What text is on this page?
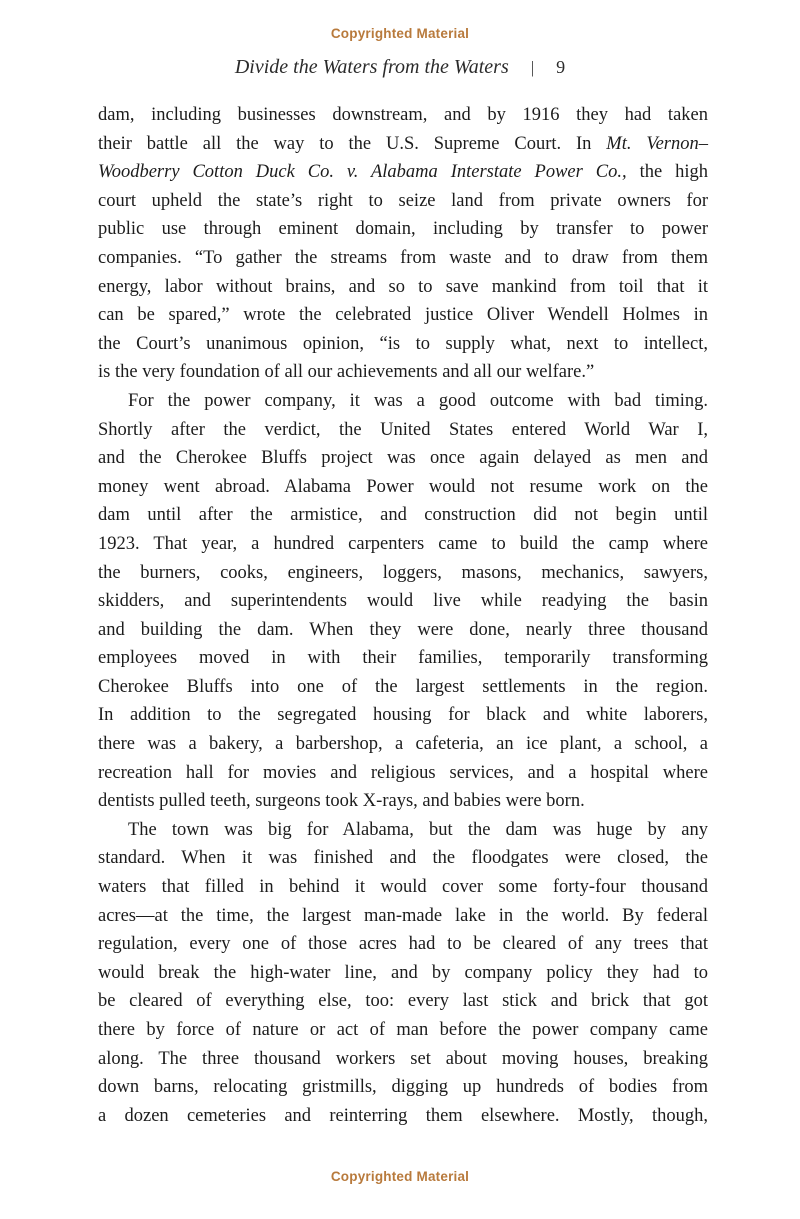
Copyrighted Material
Divide the Waters from the Waters | 9
dam, including businesses downstream, and by 1916 they had taken
their battle all the way to the U.S. Supreme Court. In Mt. Vernon–
Woodberry Cotton Duck Co. v. Alabama Interstate Power Co., the high
court upheld the state’s right to seize land from private owners for
public use through eminent domain, including by transfer to power
companies. “To gather the streams from waste and to draw from them
energy, labor without brains, and so to save mankind from toil that it
can be spared,” wrote the celebrated justice Oliver Wendell Holmes in
the Court’s unanimous opinion, “is to supply what, next to intellect,
is the very foundation of all our achievements and all our welfare.”
For the power company, it was a good outcome with bad timing.
Shortly after the verdict, the United States entered World War I,
and the Cherokee Bluffs project was once again delayed as men and
money went abroad. Alabama Power would not resume work on the
dam until after the armistice, and construction did not begin until
1923. That year, a hundred carpenters came to build the camp where
the burners, cooks, engineers, loggers, masons, mechanics, sawyers,
skidders, and superintendents would live while readying the basin
and building the dam. When they were done, nearly three thousand
employees moved in with their families, temporarily transforming
Cherokee Bluffs into one of the largest settlements in the region.
In addition to the segregated housing for black and white laborers,
there was a bakery, a barbershop, a cafeteria, an ice plant, a school, a
recreation hall for movies and religious services, and a hospital where
dentists pulled teeth, surgeons took X-rays, and babies were born.
The town was big for Alabama, but the dam was huge by any
standard. When it was finished and the floodgates were closed, the
waters that filled in behind it would cover some forty-four thousand
acres—at the time, the largest man-made lake in the world. By federal
regulation, every one of those acres had to be cleared of any trees that
would break the high-water line, and by company policy they had to
be cleared of everything else, too: every last stick and brick that got
there by force of nature or act of man before the power company came
along. The three thousand workers set about moving houses, breaking
down barns, relocating gristmills, digging up hundreds of bodies from
a dozen cemeteries and reinterring them elsewhere. Mostly, though,
Copyrighted Material
